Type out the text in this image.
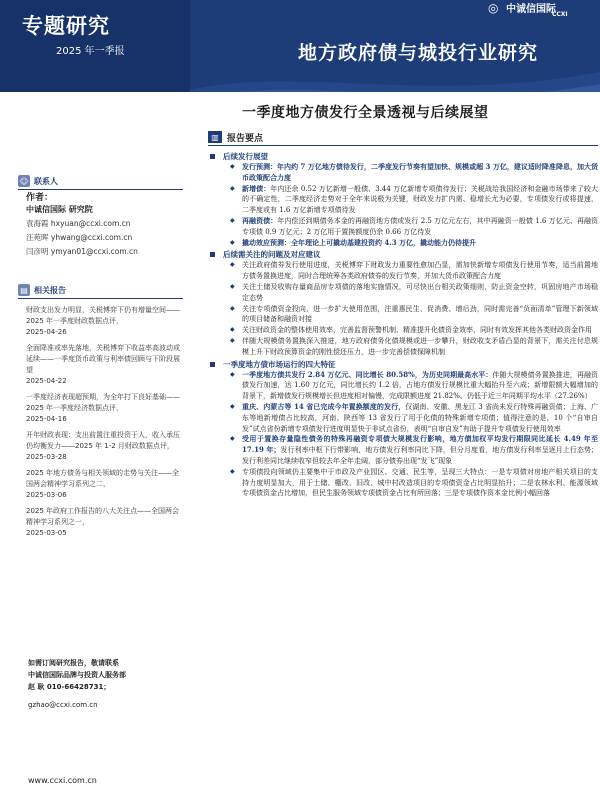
专题研究
2025 年一季报	地方政府债与城投行业研究
◎ 中诚信国际
CCXI
☺ 联系人
作者：
中诚信国际 研究院
袁海霞 hxyuan@ccxi.com.cn
汪苑晖 yhwang@ccxi.com.cn
闫彦明 ymyan01@ccxi.com.cn
▤ 相关报告
财政支出发力明显，关税博弈下仍有增量空间——2025 年一季度财政数据点评，
2025-04-26
全面降准或率先落地，关税博弈下收益率高波动或延续——一季度货币政策与利率债回顾与下阶段展望
2025-04-22
一季度经济表现超预期，为全年打下良好基础——2025 年一季度经济数据点评，
2025-04-16
开年财政表现：支出前置注重投资于人，收入承压仍均衡发力——2025 年 1-2 月财政数据点评，
2025-03-28
2025 年地方债务与相关领域的走势与关注——全国两会精神学习系列之二，
2025-03-06
2025 年政府工作报告的八大关注点——全国两会精神学习系列之一，
2025-03-05

如需订阅研究报告，敬请联系

中诚信国际品牌与投资人服务部

赵 耿 010-66428731；

gzhao@ccxi.com.cn

www.ccxi.com.cn
一季度地方债发行全景透视与后续展望
▥ 报告要点
后续发行展望
◆ 发行预测：年内约 7 万亿地方债待发行，二季度发行节奏有望加快、规模或超 3 万亿，建议适时降准降息，加大货币政策配合力度
◆ 新增债：年内还余 0.52 万亿新增一般债、3.44 万亿新增专项债待发行；关税战给我国经济和金融市场带来了较大的不确定性，二季度经济走势对于全年来说极为关键，财政发力扩内需、稳增长尤为必要，专项债发行或将提速，二季度或有 1.6 万亿新增专项债待发
◆ 再融资债：年内偿还到期债务本金的再融资地方债或发行 2.5 万亿元左右，其中再融资一般债 1.6 万亿元、再融资专项债 0.9 万亿元；2 万亿用于置换额度仍余 0.66 万亿待发
◆ 撬动效应预测：全年理论上可撬动基建投资约 4.3 万亿，撬动能力仍待提升
后续需关注的问题及对应建议
◆ 关注政府债券发行使用进度，关税博弈下财政发力重要性愈加凸显，需加快新增专项债发行使用节奏，适当前置地方债务置换进度，同时合理统筹各类政府债券的发行节奏，并加大货币政策配合力度
◆ 关注土储及收购存量商品房专项债的落地实施情况，可尽快出台相关政策细则，防止资金空转，巩固房地产市场稳定态势
◆ 关注专项债资金投向，进一步扩大使用范围，注重惠民生、促消费、增后劲，同时需完善“负面清单”管理下新领域的项目储备和融资对接
◆ 关注财政资金的整体使用效率，完善监督预警机制、精准提升化债资金效率，同时有效发挥其他各类财政资金作用
◆ 伴随大规模债务置换深入推进，地方政府债务化债规模或进一步攀升，财政收支矛盾凸显的背景下，需关注付息规模上升下财政预算资金的刚性偿还压力，进一步完善偿债保障机制
一季度地方债市场运行的四大特征
◆ 一季度地方债共发行 2.84 万亿元、同比增长 80.58%，为历史同期最高水平：伴随大规模债务置换推进，再融资债发行加速，达 1.60 万亿元，同比增长约 1.2 倍，占地方债发行规模比重大幅抬升至六成；新增限额大幅增加的背景下，新增债发行规模增长但进度相对偏慢，完成限额进度 21.82%、仍低于近三年同期平均水平（27.26%）
◆ 重庆、内蒙古等 14 省已完成今年置换额度的发行，仅湖南、安徽、黑龙江 3 省尚未发行特殊再融资债；上海、广东等地新增债占比较高，河南、陕西等 13 省发行了用于化债的特殊新增专项债；值得注意的是，10 个“自审自发”试点省份新增专项债发行进度明显快于非试点省份，表明“自审自发”有助于提升专项债发行使用效率
◆ 受用于置换存量隐性债务的特殊再融资专项债大规模发行影响，地方债加权平均发行期限同比延长 4.49 年至 17.19 年；发行利率中枢下行带影响，地方债发行利率同比下降，但分月度看，地方债发行利率呈逐月上行态势；发行利差同比继续收窄但较去年全年走阔，部分债券出现“发飞”现象
◆ 专项债投向领域仍主要集中于市政及产业园区、交通、民生等，呈现三大特点：一是专项债对房地产相关项目的支持力度明显加大，用于土储、棚改、旧改、城中村改造项目的专项债资金占比明显抬升；二是农林水利、能源领域专项债资金占比增加，但民生服务领域专项债资金占比有所回落；三是专项债作资本金比例小幅回落
